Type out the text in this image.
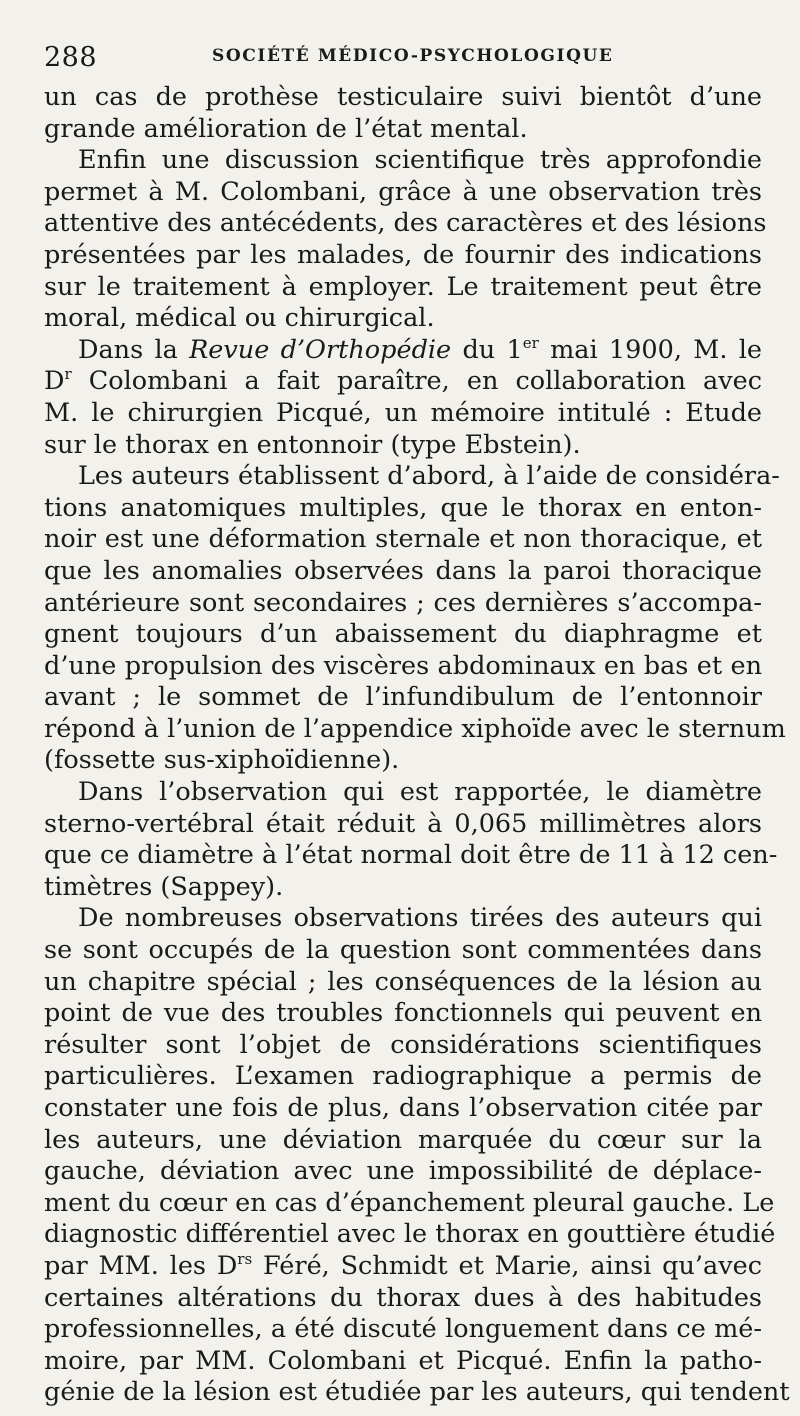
288	SOCIÉTÉ MÉDICO-PSYCHOLOGIQUE
un cas de prothèse testiculaire suivi bientôt d’une
grande amélioration de l’état mental.
Enfin une discussion scientifique très approfondie
permet à M. Colombani, grâce à une observation très
attentive des antécédents, des caractères et des lésions
présentées par les malades, de fournir des indications
sur le traitement à employer. Le traitement peut être
moral, médical ou chirurgical.
Dans la Revue d’Orthopédie du 1er mai 1900, M. le
$D^r$ Colombani a fait paraître, en collaboration avec
M. le chirurgien Picqué, un mémoire intitulé : Etude
sur le thorax en entonnoir (type Ebstein).
Les auteurs établissent d’abord, à l’aide de considéra-
tions anatomiques multiples, que le thorax en enton-
noir est une déformation sternale et non thoracique, et
que les anomalies observées dans la paroi thoracique
antérieure sont secondaires ; ces dernières s’accompa-
gnent toujours d’un abaissement du diaphragme et
d’une propulsion des viscères abdominaux en bas et en
avant ; le sommet de l’infundibulum de l’entonnoir
répond à l’union de l’appendice xiphoïde avec le sternum
(fossette sus-xiphoïdienne).
Dans l’observation qui est rapportée, le diamètre
sterno-vertébral était réduit à 0,065 millimètres alors
que ce diamètre à l’état normal doit être de 11 à 12 cen-
timètres (Sappey).
De nombreuses observations tirées des auteurs qui
se sont occupés de la question sont commentées dans
un chapitre spécial ; les conséquences de la lésion au
point de vue des troubles fonctionnels qui peuvent en
résulter sont l’objet de considérations scientifiques
particulières. L’examen radiographique a permis de
constater une fois de plus, dans l’observation citée par
les auteurs, une déviation marquée du cœur sur la
gauche, déviation avec une impossibilité de déplace-
ment du cœur en cas d’épanchement pleural gauche. Le
diagnostic différentiel avec le thorax en gouttière étudié
par MM. les $D^{rs}$ Féré, Schmidt et Marie, ainsi qu’avec
certaines altérations du thorax dues à des habitudes
professionnelles, a été discuté longuement dans ce mé-
moire, par MM. Colombani et Picqué. Enfin la patho-
génie de la lésion est étudiée par les auteurs, qui tendent
